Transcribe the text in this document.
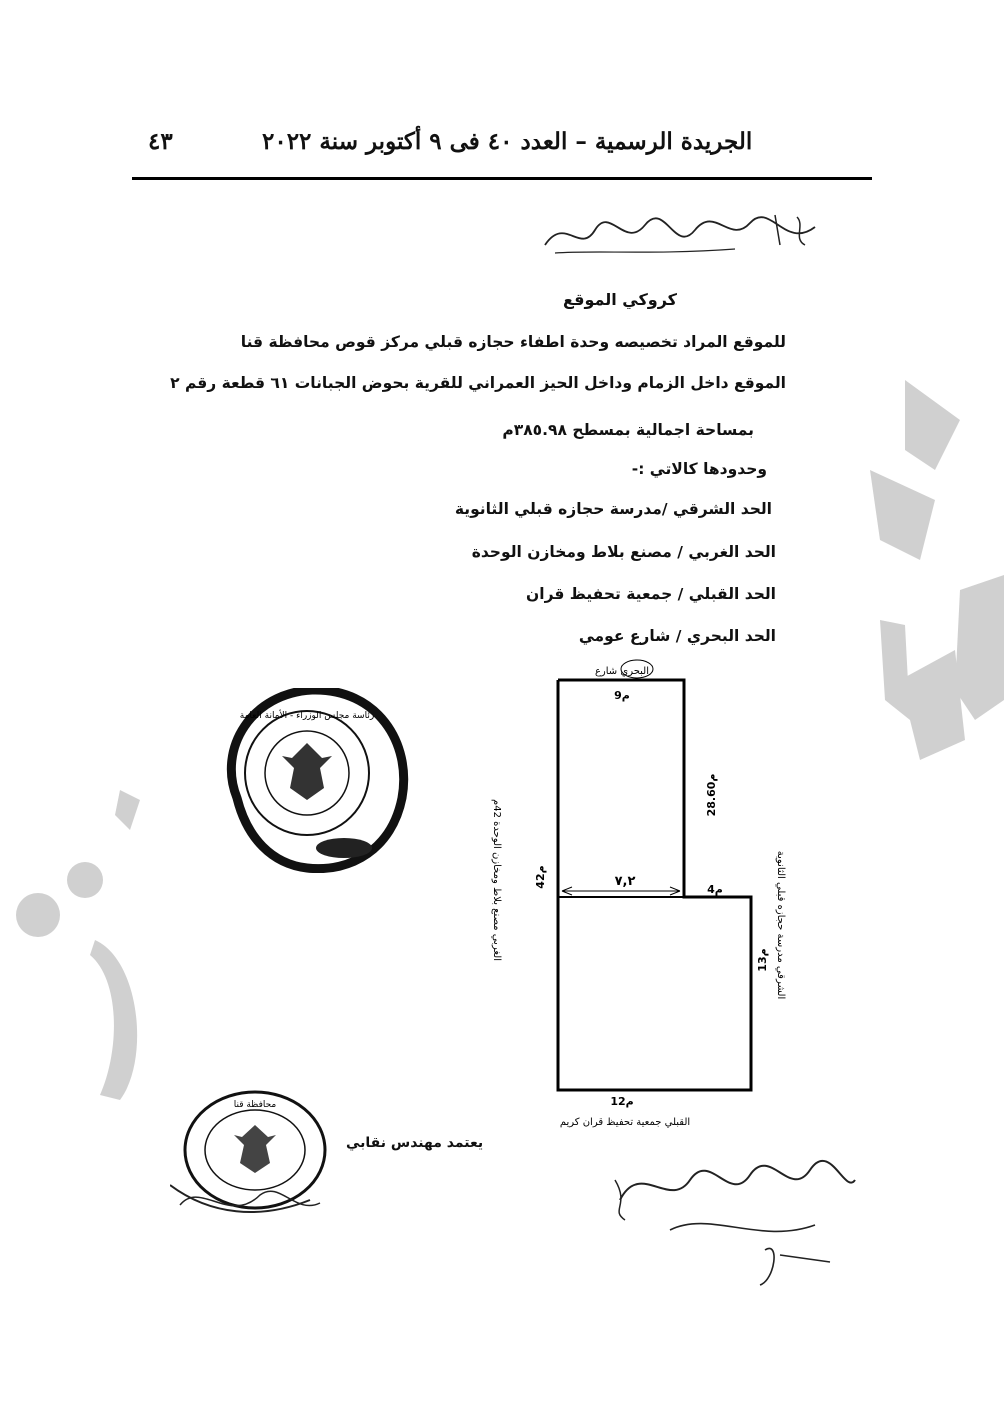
الجريدة الرسمية – العدد ٤٠ فى ٩ أكتوبر سنة ٢٠٢٢
٤٣
كروكي الموقع
للموقع المراد تخصيصه وحدة اطفاء حجازه قبلي مركز قوص محافظة قنا
الموقع داخل الزمام وداخل الحيز العمراني للقرية بحوض الجبانات ٦١ قطعة رقم ٢
بمساحة اجمالية بمسطح ٣٨٥.٩٨م
وحدودها كالاتي :-
الحد الشرقي /مدرسة حجازه قبلي الثانوية
الحد الغربي / مصنع بلاط ومخازن الوحدة
الحد القبلي / جمعية تحفيظ قران
الحد البحري / شارع عومي
البحري شارع
9م
28.60م
4م
13م
12م
42م
٧,٢
الغربي مصنع بلاط ومخازن الوحدة 42م	الشرقي مدرسة حجازه قبلي الثانوية
القبلي جمعية تحفيظ قران كريم
رئاسة مجلس الوزراء - الأمانة العامة
محافظة قنا
يعتمد مهندس نقابي
